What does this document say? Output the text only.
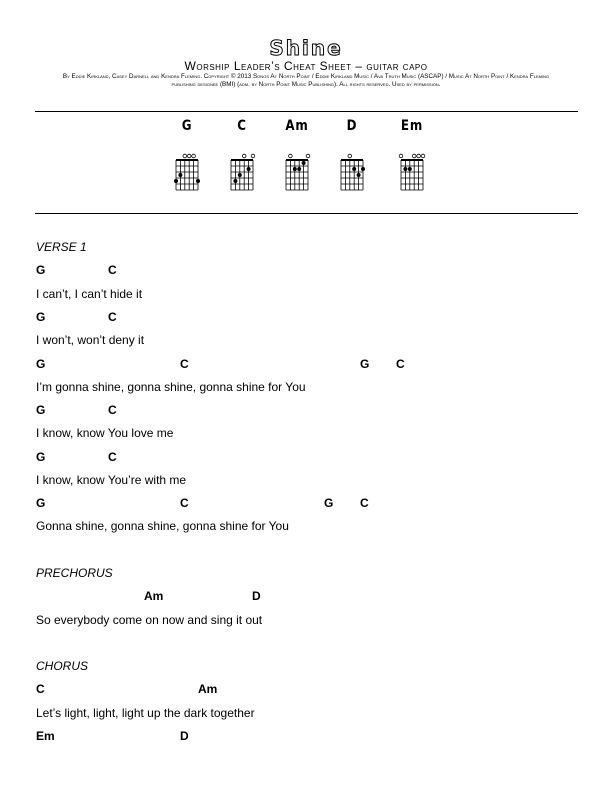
Shine
Worship Leader’s Cheat Sheet – guitar capo
By Eddie Kirkland, Casey Darnell and Kendra Fleming. Copyright © 2013 Songs At North Point / Eddie Kirkland Music / Ava Truth Music (ASCAP) / Music At North Point / Kendra Fleming publishing designee (BMI) (adm. by North Point Music Publishing). All rights reserved. Used by permission.
G	C	Am	D	Em
VERSE 1
G	C
I can’t, I can’t hide it
G	C
I won’t, won’t deny it
G	C	G C
I’m gonna shine, gonna shine, gonna shine for You
G	C
I know, know You love me
G	C
I know, know You’re with me
G	C	G C
Gonna shine, gonna shine, gonna shine for You
PRECHORUS
Am	D
So everybody come on now and sing it out
CHORUS
C	Am
Let’s light, light, light up the dark together
Em	D
